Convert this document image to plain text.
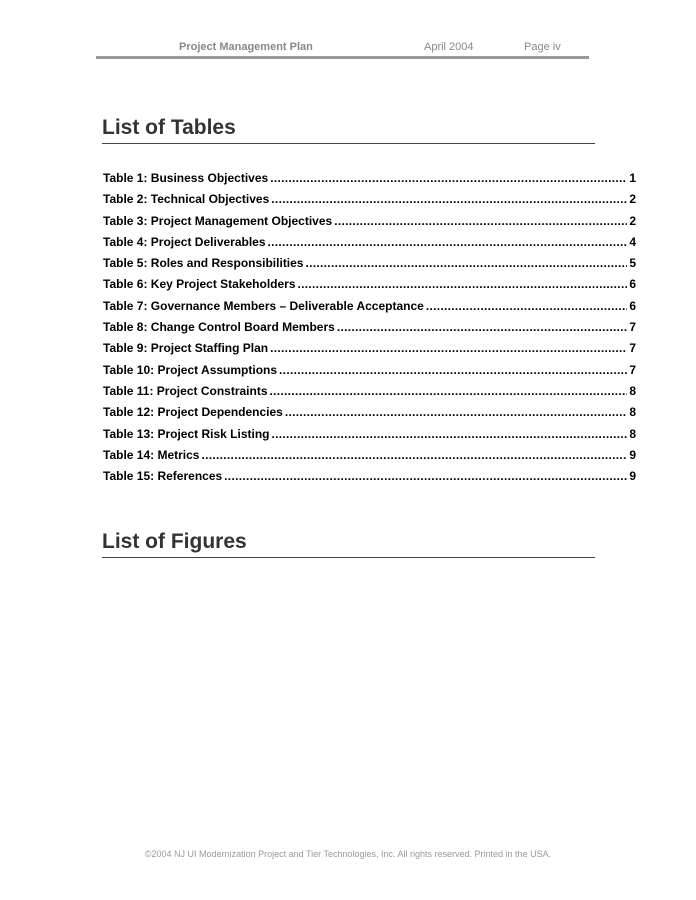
Project Management Plan	April 2004	Page iv
List of Tables
Table 1: Business Objectives .....	1
Table 2: Technical Objectives .....	2
Table 3: Project Management Objectives .....	2
Table 4: Project Deliverables .....	4
Table 5: Roles and Responsibilities .....	5
Table 6: Key Project Stakeholders .....	6
Table 7: Governance Members – Deliverable Acceptance .....	6
Table 8: Change Control Board Members .....	7
Table 9: Project Staffing Plan .....	7
Table 10: Project Assumptions .....	7
Table 11: Project Constraints .....	8
Table 12: Project Dependencies .....	8
Table 13: Project Risk Listing .....	8
Table 14: Metrics .....	9
Table 15: References .....	9
List of Figures
©2004 NJ UI Modernization Project and Tier Technologies, Inc. All rights reserved. Printed in the USA.
